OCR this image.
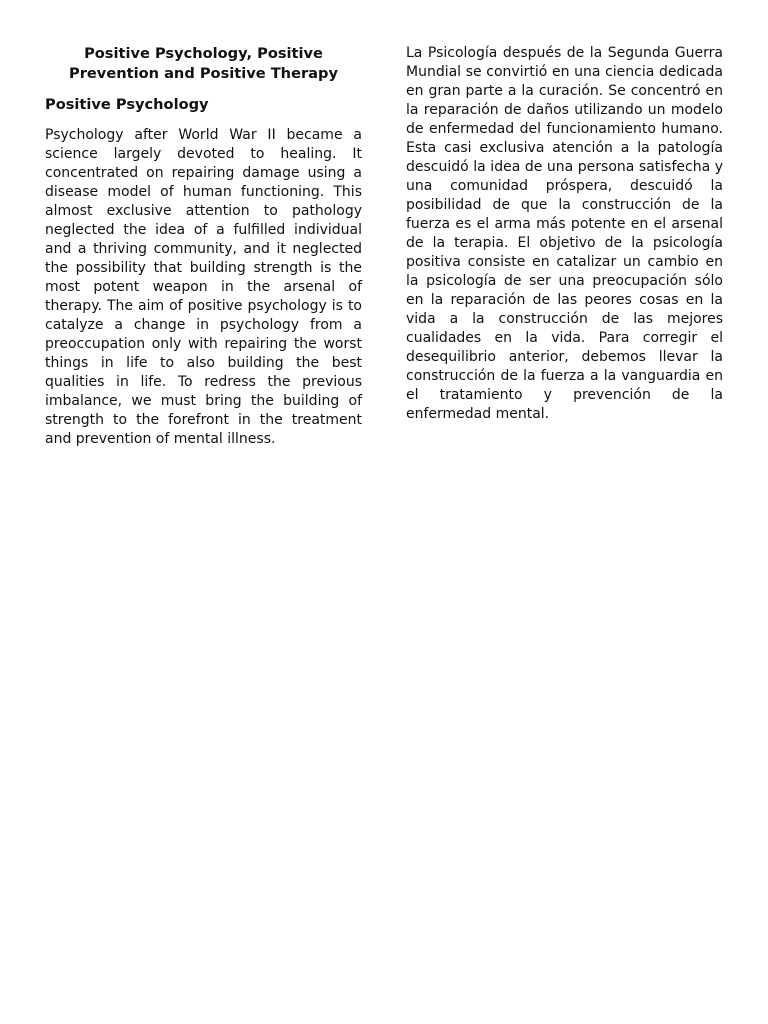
Positive Psychology, Positive Prevention and Positive Therapy
Positive Psychology

Psychology after World War II became a science largely devoted to healing. It concentrated on repairing damage using a disease model of human functioning. This almost exclusive attention to pathology neglected the idea of a fulfilled individual and a thriving community, and it neglected the possibility that building strength is the most potent weapon in the arsenal of therapy. The aim of positive psychology is to catalyze a change in psychology from a preoccupation only with repairing the worst things in life to also building the best qualities in life. To redress the previous imbalance, we must bring the building of strength to the forefront in the treatment and prevention of mental illness.

La Psicología después de la Segunda Guerra Mundial se convirtió en una ciencia dedicada en gran parte a la curación. Se concentró en la reparación de daños utilizando un modelo de enfermedad del funcionamiento humano. Esta casi exclusiva atención a la patología descuidó la idea de una persona satisfecha y una comunidad próspera, descuidó la posibilidad de que la construcción de la fuerza es el arma más potente en el arsenal de la terapia. El objetivo de la psicología positiva consiste en catalizar un cambio en la psicología de ser una preocupación sólo en la reparación de las peores cosas en la vida a la construcción de las mejores cualidades en la vida. Para corregir el desequilibrio anterior, debemos llevar la construcción de la fuerza a la vanguardia en el tratamiento y prevención de la enfermedad mental.
